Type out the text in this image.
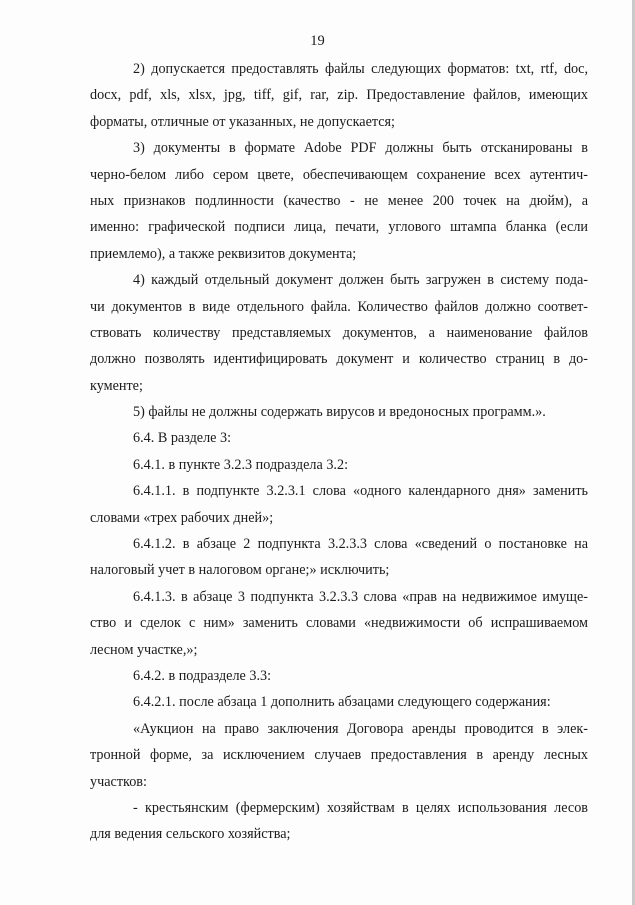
19
2) допускается предоставлять файлы следующих форматов: txt, rtf, doc,
docx, pdf, xls, xlsx, jpg, tiff, gif, rar, zip. Предоставление файлов, имеющих
форматы, отличные от указанных, не допускается;
3) документы в формате Adobe PDF должны быть отсканированы в
черно-белом либо сером цвете, обеспечивающем сохранение всех аутентич-
ных признаков подлинности (качество - не менее 200 точек на дюйм), а
именно: графической подписи лица, печати, углового штампа бланка (если
приемлемо), а также реквизитов документа;
4) каждый отдельный документ должен быть загружен в систему пода-
чи документов в виде отдельного файла. Количество файлов должно соответ-
ствовать количеству представляемых документов, а наименование файлов
должно позволять идентифицировать документ и количество страниц в до-
кументе;
5) файлы не должны содержать вирусов и вредоносных программ.».
6.4. В разделе 3:
6.4.1. в пункте 3.2.3 подраздела 3.2:
6.4.1.1. в подпункте 3.2.3.1 слова «одного календарного дня» заменить
словами «трех рабочих дней»;
6.4.1.2. в абзаце 2 подпункта 3.2.3.3 слова «сведений о постановке на
налоговый учет в налоговом органе;» исключить;
6.4.1.3. в абзаце 3 подпункта 3.2.3.3 слова «прав на недвижимое имуще-
ство и сделок с ним» заменить словами «недвижимости об испрашиваемом
лесном участке,»;
6.4.2. в подразделе 3.3:
6.4.2.1. после абзаца 1 дополнить абзацами следующего содержания:
«Аукцион на право заключения Договора аренды проводится в элек-
тронной форме, за исключением случаев предоставления в аренду лесных
участков:
- крестьянским (фермерским) хозяйствам в целях использования лесов
для ведения сельского хозяйства;
